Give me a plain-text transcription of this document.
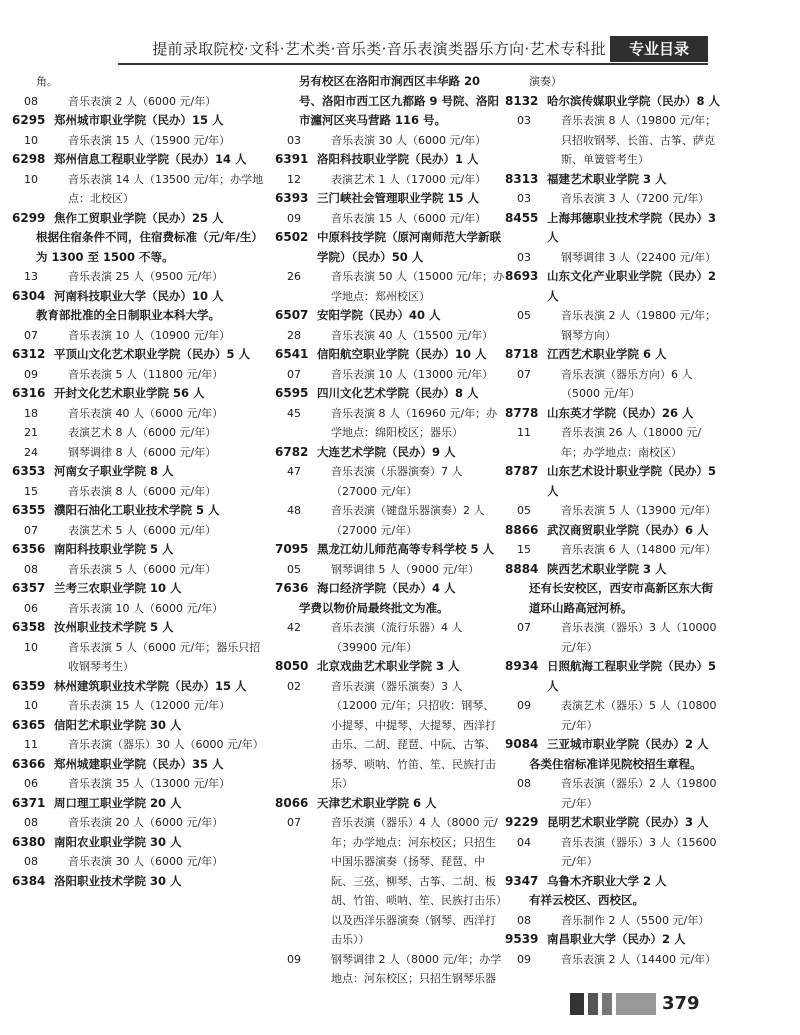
提前录取院校·文科·艺术类·音乐类·音乐表演类器乐方向·艺术专科批	专业目录
角。
08	音乐表演 2 人（6000 元/年）
6295 郑州城市职业学院（民办）15 人
10	音乐表演 15 人（15900 元/年）
6298 郑州信息工程职业学院（民办）14 人
10	音乐表演 14 人（13500 元/年；办学地点：北校区）
6299 焦作工贸职业学院（民办）25 人
根据住宿条件不同，住宿费标准（元/年/生）为 1300 至 1500 不等。
13	音乐表演 25 人（9500 元/年）
6304 河南科技职业大学（民办）10 人
教育部批准的全日制职业本科大学。
07	音乐表演 10 人（10900 元/年）
6312 平顶山文化艺术职业学院（民办）5 人
09	音乐表演 5 人（11800 元/年）
6316 开封文化艺术职业学院 56 人
18	音乐表演 40 人（6000 元/年）
21	表演艺术 8 人（6000 元/年）
24	钢琴调律 8 人（6000 元/年）
6353 河南女子职业学院 8 人
15	音乐表演 8 人（6000 元/年）
6355 濮阳石油化工职业技术学院 5 人
07	表演艺术 5 人（6000 元/年）
6356 南阳科技职业学院 5 人
08	音乐表演 5 人（6000 元/年）
6357 兰考三农职业学院 10 人
06	音乐表演 10 人（6000 元/年）
6358 汝州职业技术学院 5 人
10	音乐表演 5 人（6000 元/年；器乐只招收钢琴考生）
6359 林州建筑职业技术学院（民办）15 人
10	音乐表演 15 人（12000 元/年）
6365 信阳艺术职业学院 30 人
11	音乐表演（器乐）30 人（6000 元/年）
6366 郑州城建职业学院（民办）35 人
06	音乐表演 35 人（13000 元/年）
6371 周口理工职业学院 20 人
08	音乐表演 20 人（6000 元/年）
6380 南阳农业职业学院 30 人
08	音乐表演 30 人（6000 元/年）
6384 洛阳职业技术学院 30 人
另有校区在洛阳市涧西区丰华路 20 号、洛阳市西工区九都路 9 号院、洛阳市瀍河区夹马营路 116 号。
03	音乐表演 30 人（6000 元/年）
6391 洛阳科技职业学院（民办）1 人
12	表演艺术 1 人（17000 元/年）
6393 三门峡社会管理职业学院 15 人
09	音乐表演 15 人（6000 元/年）
6502 中原科技学院（原河南师范大学新联学院）（民办）50 人
26	音乐表演 50 人（15000 元/年；办学地点：郑州校区）
6507 安阳学院（民办）40 人
28	音乐表演 40 人（15500 元/年）
6541 信阳航空职业学院（民办）10 人
07	音乐表演 10 人（13000 元/年）
6595 四川文化艺术学院（民办）8 人
45	音乐表演 8 人（16960 元/年；办学地点：绵阳校区；器乐）
6782 大连艺术学院（民办）9 人
47	音乐表演（乐器演奏）7 人（27000 元/年）
48	音乐表演（键盘乐器演奏）2 人（27000 元/年）
7095 黑龙江幼儿师范高等专科学校 5 人
05	钢琴调律 5 人（9000 元/年）
7636 海口经济学院（民办）4 人
学费以物价局最终批文为准。
42	音乐表演（流行乐器）4 人（39900 元/年）
8050 北京戏曲艺术职业学院 3 人
02	音乐表演（器乐演奏）3 人（12000 元/年；只招收：钢琴、小提琴、中提琴、大提琴、西洋打击乐、二胡、琵琶、中阮、古筝、扬琴、唢呐、竹笛、笙、民族打击乐）
8066 天津艺术职业学院 6 人
07	音乐表演（器乐）4 人（8000 元/年；办学地点：河东校区；只招生中国乐器演奏（扬琴、琵琶、中阮、三弦、柳琴、古筝、二胡、板胡、竹笛、唢呐、笙、民族打击乐）以及西洋乐器演奏（钢琴、西洋打击乐））
09	钢琴调律 2 人（8000 元/年；办学地点：河东校区；只招生钢琴乐器
演奏）
8132 哈尔滨传媒职业学院（民办）8 人
03	音乐表演 8 人（19800 元/年；只招收钢琴、长笛、古筝、萨克斯、单簧管考生）
8313 福建艺术职业学院 3 人
03	音乐表演 3 人（7200 元/年）
8455 上海邦德职业技术学院（民办）3 人
03	钢琴调律 3 人（22400 元/年）
8693 山东文化产业职业学院（民办）2 人
05	音乐表演 2 人（19800 元/年；钢琴方向）
8718 江西艺术职业学院 6 人
07	音乐表演（器乐方向）6 人（5000 元/年）
8778 山东英才学院（民办）26 人
11	音乐表演 26 人（18000 元/年；办学地点：南校区）
8787 山东艺术设计职业学院（民办）5 人
05	音乐表演 5 人（13900 元/年）
8866 武汉商贸职业学院（民办）6 人
15	音乐表演 6 人（14800 元/年）
8884 陕西艺术职业学院 3 人
还有长安校区，西安市高新区东大街道环山路高冠河桥。
07	音乐表演（器乐）3 人（10000 元/年）
8934 日照航海工程职业学院（民办）5 人
09	表演艺术（器乐）5 人（10800 元/年）
9084 三亚城市职业学院（民办）2 人
各类住宿标准详见院校招生章程。
08	音乐表演（器乐）2 人（19800 元/年）
9229 昆明艺术职业学院（民办）3 人
04	音乐表演（器乐）3 人（15600 元/年）
9347 乌鲁木齐职业大学 2 人
有祥云校区、西校区。
08	音乐制作 2 人（5500 元/年）
9539 南昌职业大学（民办）2 人
09	音乐表演 2 人（14400 元/年）
379
